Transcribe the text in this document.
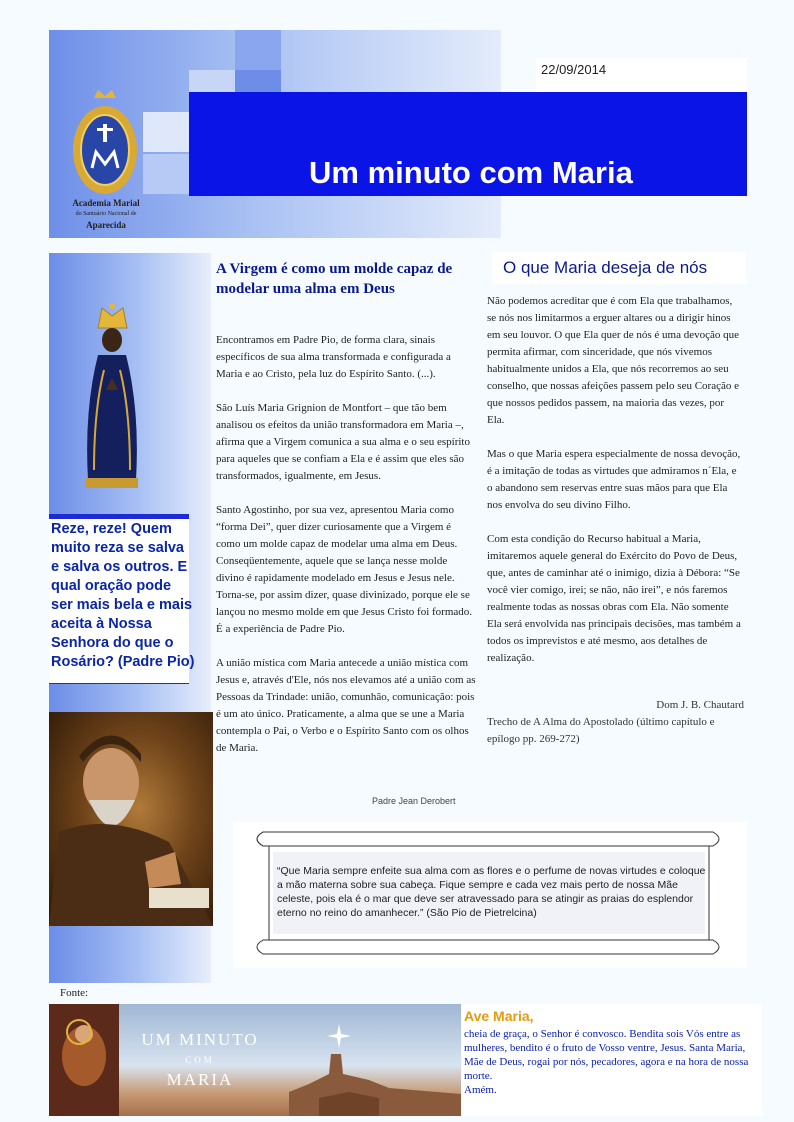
22/09/2014
Um minuto com Maria
Academia Marial
do Santuário Nacional de
Aparecida
Reze, reze! Quem muito reza se salva e salva os outros. E qual oração pode ser mais bela e mais aceita à Nossa Senhora do que o Rosário? (Padre Pio)
A Virgem é como um molde capaz de modelar uma alma em Deus

Encontramos em Padre Pio, de forma clara, sinais específicos de sua alma transformada e configurada a Maria e ao Cristo, pela luz do Espírito Santo. (...).

São Luís Maria Grignion de Montfort – que tão bem analisou os efeitos da união transformadora em Maria –, afirma que a Virgem comunica a sua alma e o seu espírito para aqueles que se confiam a Ela e é assim que eles são transformados, igualmente, em Jesus.

Santo Agostinho, por sua vez, apresentou Maria como “forma Dei”, quer dizer curiosamente que a Virgem é como um molde capaz de modelar uma alma em Deus. Conseqüentemente, aquele que se lança nesse molde divino é rapidamente modelado em Jesus e Jesus nele. Torna-se, por assim dizer, quase divinizado, porque ele se lançou no mesmo molde em que Jesus Cristo foi formado. É a experiência de Padre Pio.

A união mística com Maria antecede a união mística com Jesus e, através d'Ele, nós nos elevamos até a união com as Pessoas da Trindade: união, comunhão, comunicação: pois é um ato único. Praticamente, a alma que se une a Maria contempla o Pai, o Verbo e o Espírito Santo com os olhos de Maria.

Padre Jean Derobert
O que Maria deseja de nós

Não podemos acreditar que é com Ela que trabalhamos, se nós nos limitarmos a erguer altares ou a dirigir hinos em seu louvor. O que Ela quer de nós é uma devoção que permita afirmar, com sinceridade, que nós vivemos habitualmente unidos a Ela, que nós recorremos ao seu conselho, que nossas afeições passem pelo seu Coração e que nossos pedidos passem, na maioria das vezes, por Ela.

Mas o que Maria espera especialmente de nossa devoção, é a imitação de todas as virtudes que admiramos n´Ela, e o abandono sem reservas entre suas mãos para que Ela nos envolva do seu divino Filho.

Com esta condição do Recurso habitual a Maria, imitaremos aquele general do Exército do Povo de Deus, que, antes de caminhar até o inimigo, dizia à Débora: “Se você vier comigo, irei; se não, não irei”, e nós faremos realmente todas as nossas obras com Ela. Não somente Ela será envolvida nas principais decisões, mas também a todos os imprevistos e até mesmo, aos detalhes de realização.

Dom J. B. Chautard
Trecho de A Alma do Apostolado (último capítulo e epílogo pp. 269-272)
“Que Maria sempre enfeite sua alma com as flores e o perfume de novas virtudes e coloque a mão materna sobre sua cabeça. Fique sempre e cada vez mais perto de nossa Mãe celeste, pois ela é o mar que deve ser atravessado para se atingir as praias do esplendor eterno no reino do amanhecer.” (São Pio de Pietrelcina)
Fonte:
UM MINUTO
COM
MARIA
Ave Maria,
cheia de graça, o Senhor é convosco. Bendita sois Vós entre as mulheres, bendito é o fruto de Vosso ventre, Jesus. Santa Maria, Mãe de Deus, rogai por nós, pecadores, agora e na hora de nossa morte.
Amém.
